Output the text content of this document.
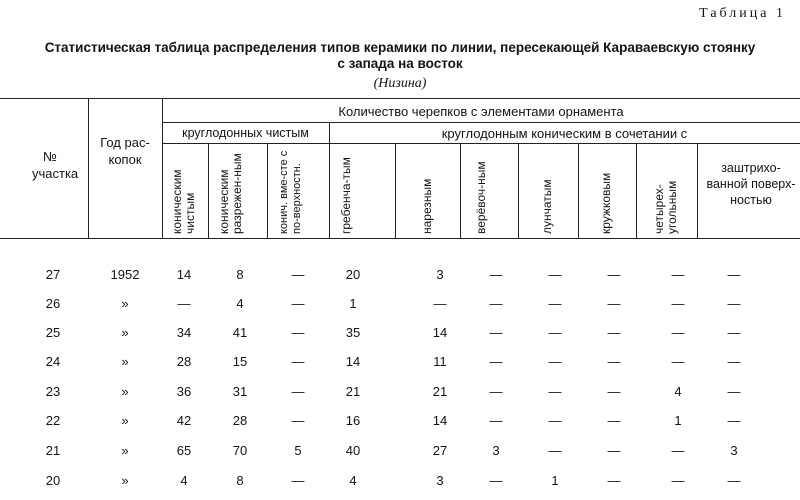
Таблица 1
Статистическая таблица распределения типов керамики по линии, пересекающей Караваевскую стоянку
с запада на восток
(Низина)
№ участка
Год рас-копок
Количество черепков с элементами орнамента
круглодонных чистым	круглодонным коническим в сочетании с
коническим чистым коническим разрежен-ным	конич. вме-сте с по-верхностн.	гребенча-тым	нарезным	верёвоч-ным	лунчатым	кружковым	четырех-угольным
заштрихо-ванной поверх-ностью
27	1952	14	8	—	20	3	—	—	—	—	—
26	»	—	4	—	1	—	—	—	—	—	—
25	»	34	41	—	35	14	—	—	—	—	—
24	»	28	15	—	14	11	—	—	—	—	—
23	»	36	31	—	21	21	—	—	—	4	—
22	»	42	28	—	16	14	—	—	—	1	—
21	»	65	70	5	40	27	3	—	—	—	3
20	»	4	8	—	4	3	—	1	—	—	—
